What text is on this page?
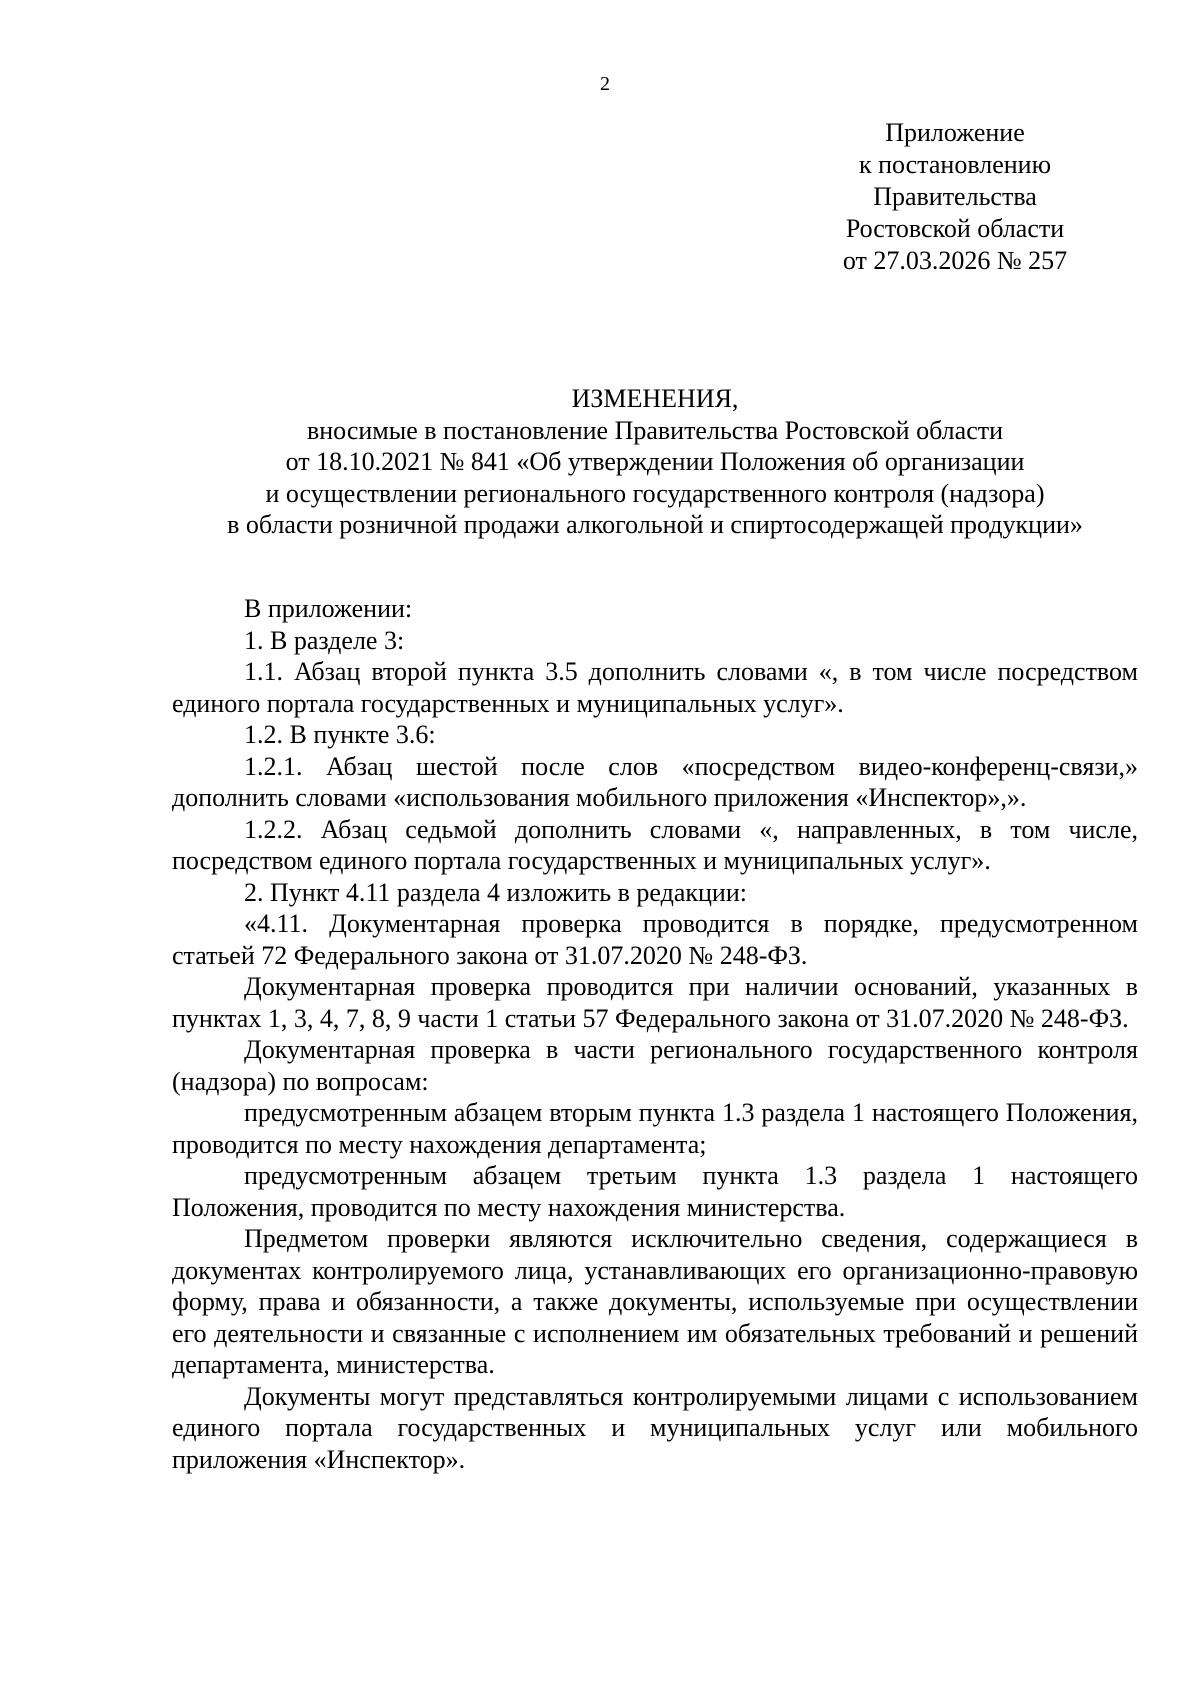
2
Приложение
к постановлению
Правительства
Ростовской области
от 27.03.2026 № 257
ИЗМЕНЕНИЯ,
вносимые в постановление Правительства Ростовской области
от 18.10.2021 № 841 «Об утверждении Положения об организации
и осуществлении регионального государственного контроля (надзора)
в области розничной продажи алкогольной и спиртосодержащей продукции»

В приложении:

1. В разделе 3:

1.1. Абзац второй пункта 3.5 дополнить словами «, в том числе посредством единого портала государственных и муниципальных услуг».

1.2. В пункте 3.6:

1.2.1. Абзац шестой после слов «посредством видео-конференц-связи,» дополнить словами «использования мобильного приложения «Инспектор»,».

1.2.2. Абзац седьмой дополнить словами «, направленных, в том числе, посредством единого портала государственных и муниципальных услуг».

2. Пункт 4.11 раздела 4 изложить в редакции:

«4.11. Документарная проверка проводится в порядке, предусмотренном статьей 72 Федерального закона от 31.07.2020 № 248-ФЗ.

Документарная проверка проводится при наличии оснований, указанных в пунктах 1, 3, 4, 7, 8, 9 части 1 статьи 57 Федерального закона от 31.07.2020 № 248-ФЗ.

Документарная проверка в части регионального государственного контроля (надзора) по вопросам:

предусмотренным абзацем вторым пункта 1.3 раздела 1 настоящего Положения, проводится по месту нахождения департамента;

предусмотренным абзацем третьим пункта 1.3 раздела 1 настоящего Положения, проводится по месту нахождения министерства.

Предметом проверки являются исключительно сведения, содержащиеся в документах контролируемого лица, устанавливающих его организационно-правовую форму, права и обязанности, а также документы, используемые при осуществлении его деятельности и связанные с исполнением им обязательных требований и решений департамента, министерства.

Документы могут представляться контролируемыми лицами с использованием единого портала государственных и муниципальных услуг или мобильного приложения «Инспектор».
